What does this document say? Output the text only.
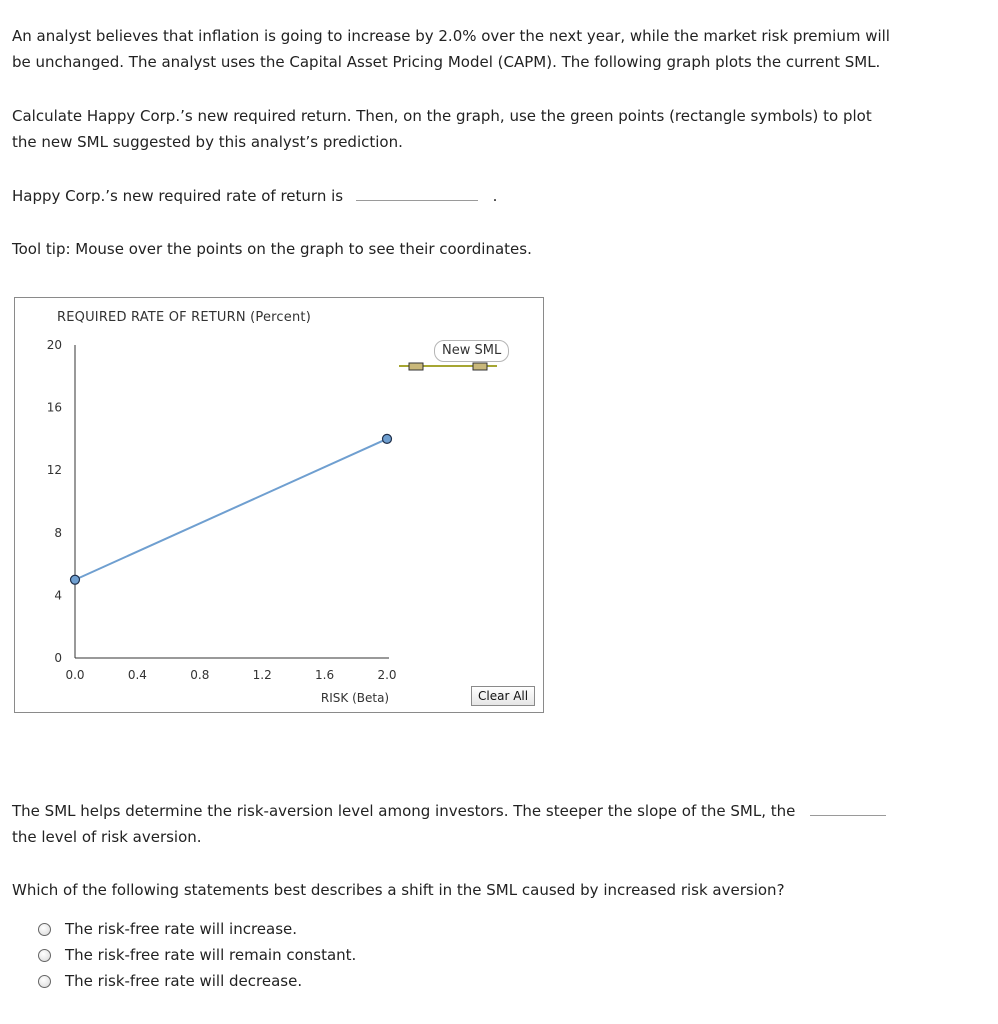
An analyst believes that inflation is going to increase by 2.0% over the next year, while the market risk premium will

be unchanged. The analyst uses the Capital Asset Pricing Model (CAPM). The following graph plots the current SML.

Calculate Happy Corp.’s new required return. Then, on the graph, use the green points (rectangle symbols) to plot

the new SML suggested by this analyst’s prediction.

Happy Corp.’s new required rate of return is	.

Tool tip: Mouse over the points on the graph to see their coordinates.

REQUIRED RATE OF RETURN (Percent)
0
4
8
12
16
20
0.0	0.4	0.8	1.2	1.6	2.0
RISK (Beta)
New SML
Clear All

The SML helps determine the risk-aversion level among investors. The steeper the slope of the SML, the

the level of risk aversion.

Which of the following statements best describes a shift in the SML caused by increased risk aversion?

The risk-free rate will increase.
The risk-free rate will remain constant.
The risk-free rate will decrease.
